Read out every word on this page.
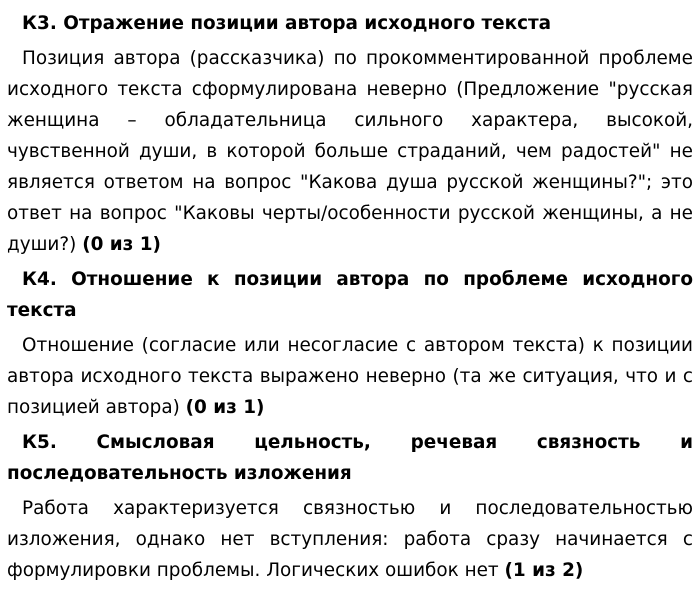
К3. Отражение позиции автора исходного текста

Позиция автора (рассказчика) по прокомментированной проблеме исходного текста сформулирована неверно (Предложение "русская женщина – обладательница сильного характера, высокой, чувственной души, в которой больше страданий, чем радостей" не является ответом на вопрос "Какова душа русской женщины?"; это ответ на вопрос "Каковы черты/особенности русской женщины, а не души?) (0 из 1)

К4. Отношение к позиции автора по проблеме исходного текста

Отношение (согласие или несогласие с автором текста) к позиции автора исходного текста выражено неверно (та же ситуация, что и с позицией автора) (0 из 1)

К5. Смысловая цельность, речевая связность и последовательность изложения

Работа характеризуется связностью и последовательностью изложения, однако нет вступления: работа сразу начинается с формулировки проблемы. Логических ошибок нет (1 из 2)
